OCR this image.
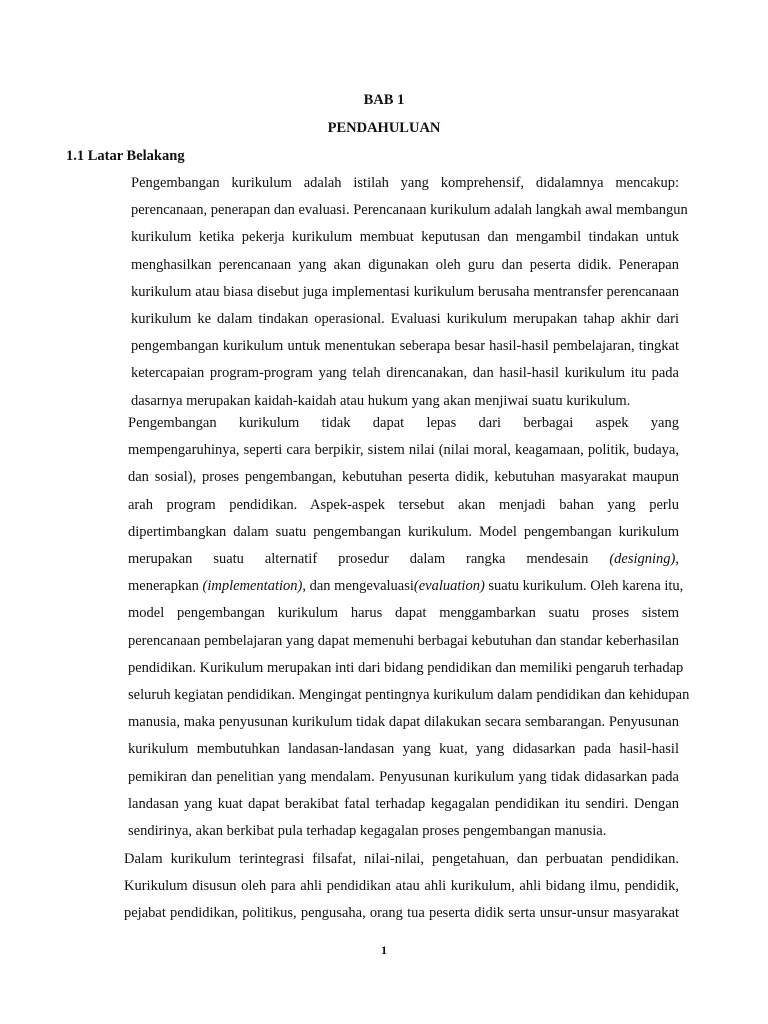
BAB 1
PENDAHULUAN
1.1 Latar Belakang
Pengembangan kurikulum adalah istilah yang komprehensif, didalamnya mencakup:
perencanaan, penerapan dan evaluasi. Perencanaan kurikulum adalah langkah awal membangun
kurikulum ketika pekerja kurikulum membuat keputusan dan mengambil tindakan untuk
menghasilkan perencanaan yang akan digunakan oleh guru dan peserta didik. Penerapan
kurikulum atau biasa disebut juga implementasi kurikulum berusaha mentransfer perencanaan
kurikulum ke dalam tindakan operasional. Evaluasi kurikulum merupakan tahap akhir dari
pengembangan kurikulum untuk menentukan seberapa besar hasil-hasil pembelajaran, tingkat
ketercapaian program-program yang telah direncanakan, dan hasil-hasil kurikulum itu pada
dasarnya merupakan kaidah-kaidah atau hukum yang akan menjiwai suatu kurikulum.
Pengembangan kurikulum tidak dapat lepas dari berbagai aspek yang
mempengaruhinya, seperti cara berpikir, sistem nilai (nilai moral, keagamaan, politik, budaya,
dan sosial), proses pengembangan, kebutuhan peserta didik, kebutuhan masyarakat maupun
arah program pendidikan. Aspek-aspek tersebut akan menjadi bahan yang perlu
dipertimbangkan dalam suatu pengembangan kurikulum. Model pengembangan kurikulum
merupakan suatu alternatif prosedur dalam rangka mendesain (designing),
menerapkan (implementation), dan mengevaluasi(evaluation) suatu kurikulum. Oleh karena itu,
model pengembangan kurikulum harus dapat menggambarkan suatu proses sistem
perencanaan pembelajaran yang dapat memenuhi berbagai kebutuhan dan standar keberhasilan
pendidikan. Kurikulum merupakan inti dari bidang pendidikan dan memiliki pengaruh terhadap
seluruh kegiatan pendidikan. Mengingat pentingnya kurikulum dalam pendidikan dan kehidupan
manusia, maka penyusunan kurikulum tidak dapat dilakukan secara sembarangan. Penyusunan
kurikulum membutuhkan landasan-landasan yang kuat, yang didasarkan pada hasil-hasil
pemikiran dan penelitian yang mendalam. Penyusunan kurikulum yang tidak didasarkan pada
landasan yang kuat dapat berakibat fatal terhadap kegagalan pendidikan itu sendiri. Dengan
sendirinya, akan berkibat pula terhadap kegagalan proses pengembangan manusia.
Dalam kurikulum terintegrasi filsafat, nilai-nilai, pengetahuan, dan perbuatan pendidikan.
Kurikulum disusun oleh para ahli pendidikan atau ahli kurikulum, ahli bidang ilmu, pendidik,
pejabat pendidikan, politikus, pengusaha, orang tua peserta didik serta unsur-unsur masyarakat
1
